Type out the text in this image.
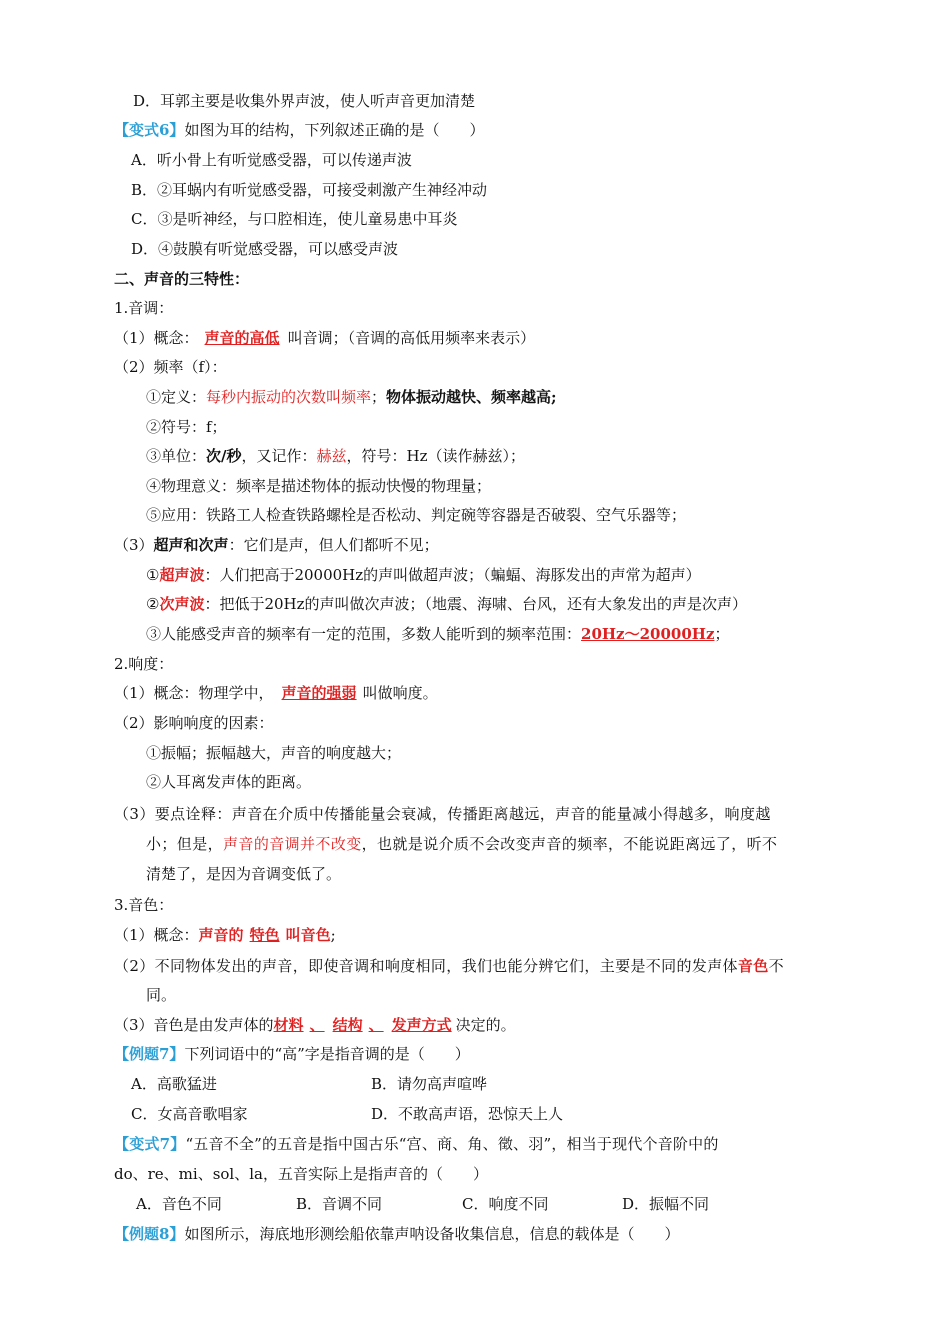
D．耳郭主要是收集外界声波，使人听声音更加清楚
【变式6】如图为耳的结构，下列叙述正确的是（　　）
A．听小骨上有听觉感受器，可以传递声波
B．②耳蜗内有听觉感受器，可接受刺激产生神经冲动
C．③是听神经，与口腔相连，使儿童易患中耳炎
D．④鼓膜有听觉感受器，可以感受声波
二、声音的三特性：
1.音调：
（1）概念： 声音的高低 叫音调；（音调的高低用频率来表示）
（2）频率（f）：
①定义：每秒内振动的次数叫频率；物体振动越快、频率越高;
②符号：f；
③单位：次/秒，又记作：赫兹，符号：Hz（读作赫兹）；
④物理意义：频率是描述物体的振动快慢的物理量；
⑤应用：铁路工人检查铁路螺栓是否松动、判定碗等容器是否破裂、空气乐器等；
（3）超声和次声：它们是声，但人们都听不见；
①超声波：人们把高于20000Hz的声叫做超声波；（蝙蝠、海豚发出的声常为超声）
②次声波：把低于20Hz的声叫做次声波；（地震、海啸、台风，还有大象发出的声是次声）
③人能感受声音的频率有一定的范围，多数人能听到的频率范围：20Hz～20000Hz；
2.响度：
（1）概念：物理学中， 声音的强弱 叫做响度。
（2）影响响度的因素：
①振幅；振幅越大，声音的响度越大；
②人耳离发声体的距离。
（3）要点诠释：声音在介质中传播能量会衰减，传播距离越远，声音的能量减小得越多，响度越
小；但是，声音的音调并不改变，也就是说介质不会改变声音的频率，不能说距离远了，听不
清楚了，是因为音调变低了。
3.音色：
（1）概念：声音的 特色 叫音色;
（2）不同物体发出的声音，即使音调和响度相同，我们也能分辨它们，主要是不同的发声体音色不
同。
（3）音色是由发声体的材料 、 结构 、 发声方式 决定的。
【例题7】下列词语中的“高”字是指音调的是（　　）
A．高歌猛进	B．请勿高声喧哗
C．女高音歌唱家	D．不敢高声语，恐惊天上人
【变式7】“五音不全”的五音是指中国古乐“宫、商、角、徵、羽”，相当于现代个音阶中的
do、re、mi、sol、la，五音实际上是指声音的（　　）
A．音色不同	B．音调不同	C．响度不同	D．振幅不同
【例题8】如图所示，海底地形测绘船依靠声呐设备收集信息，信息的载体是（　　）
